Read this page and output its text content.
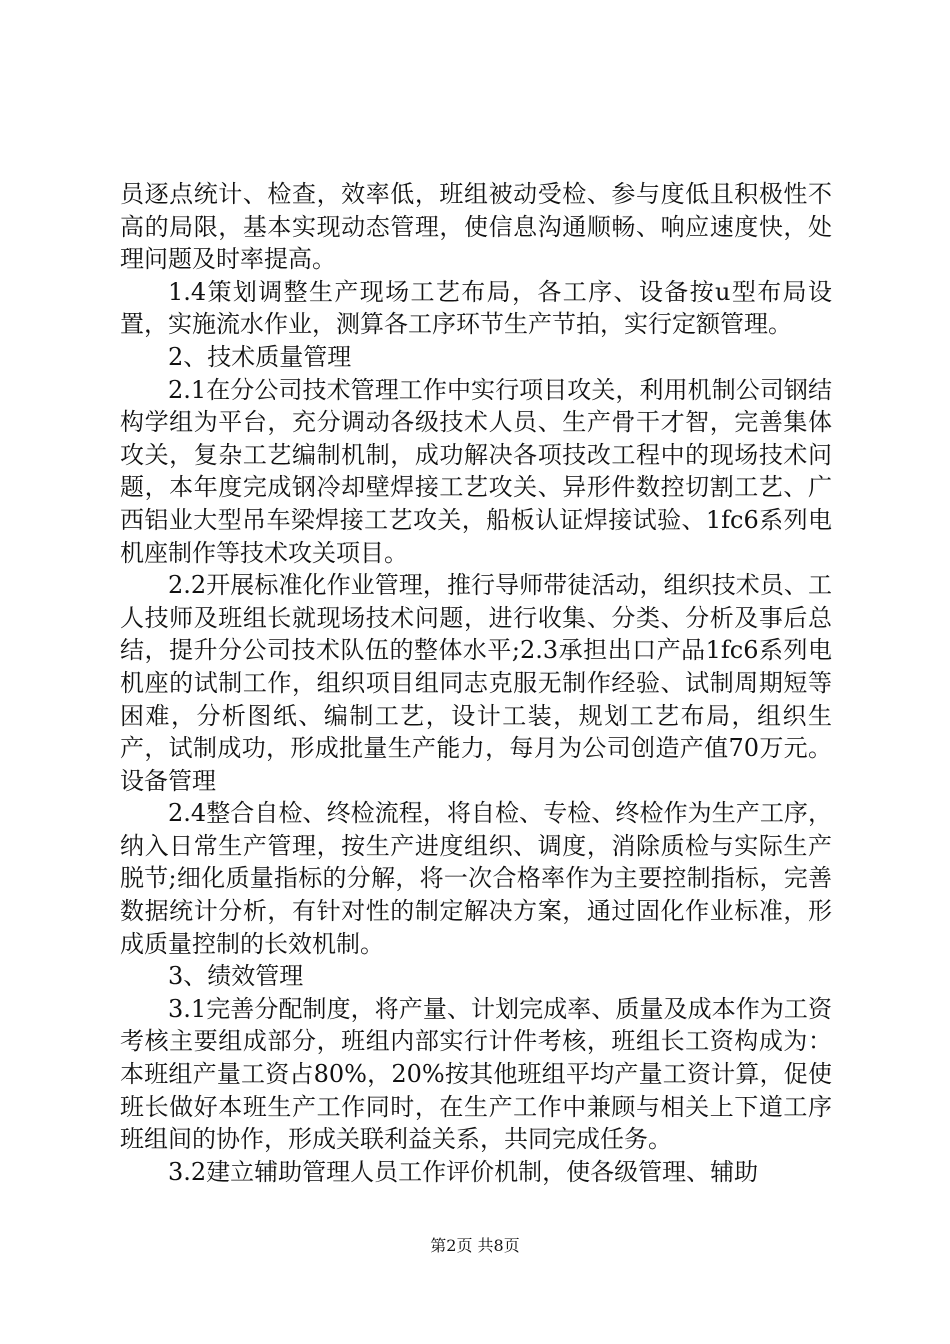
员逐点统计、检查，效率低，班组被动受检、参与度低且积极性不高的局限，基本实现动态管理，使信息沟通顺畅、响应速度快，处理问题及时率提高。

1.4策划调整生产现场工艺布局，各工序、设备按u型布局设置，实施流水作业，测算各工序环节生产节拍，实行定额管理。

2、技术质量管理

2.1在分公司技术管理工作中实行项目攻关，利用机制公司钢结构学组为平台，充分调动各级技术人员、生产骨干才智，完善集体攻关，复杂工艺编制机制，成功解决各项技改工程中的现场技术问题，本年度完成钢冷却壁焊接工艺攻关、异形件数控切割工艺、广西铝业大型吊车梁焊接工艺攻关，船板认证焊接试验、1fc6系列电机座制作等技术攻关项目。

2.2开展标准化作业管理，推行导师带徒活动，组织技术员、工人技师及班组长就现场技术问题，进行收集、分类、分析及事后总结，提升分公司技术队伍的整体水平;2.3承担出口产品1fc6系列电机座的试制工作，组织项目组同志克服无制作经验、试制周期短等困难，分析图纸、编制工艺，设计工装，规划工艺布局，组织生产，试制成功，形成批量生产能力，每月为公司创造产值70万元。设备管理

2.4整合自检、终检流程，将自检、专检、终检作为生产工序，纳入日常生产管理，按生产进度组织、调度，消除质检与实际生产脱节;细化质量指标的分解，将一次合格率作为主要控制指标，完善数据统计分析，有针对性的制定解决方案，通过固化作业标准，形成质量控制的长效机制。

3、绩效管理

3.1完善分配制度，将产量、计划完成率、质量及成本作为工资考核主要组成部分，班组内部实行计件考核，班组长工资构成为：本班组产量工资占80%，20%按其他班组平均产量工资计算，促使班长做好本班生产工作同时，在生产工作中兼顾与相关上下道工序班组间的协作，形成关联利益关系，共同完成任务。

3.2建立辅助管理人员工作评价机制，使各级管理、辅助

第2页 共8页
